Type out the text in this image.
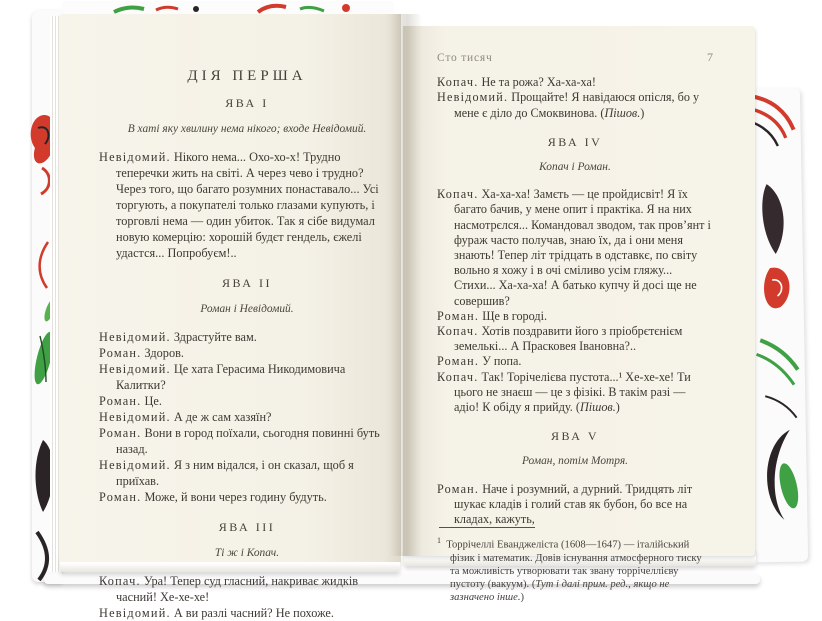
ДІЯ ПЕРША
ЯВА I
В хаті яку хвилину нема нікого; входе Невідомий.

Невідомий. Нікого нема... Охо-хо-х! Трудно теперечки жить на світі. А через чево і трудно? Через того, що багато розумних понаставало... Усі торгують, а покупателі только глазами купують, і торговлі нема — один убиток. Так я сібе видумал новую комерцію: хорошій будєт гендель, єжелі удастся... Попробуєм!..

ЯВА II
Роман і Невідомий.

Невідомий. Здрастуйте вам.

Роман. Здоров.

Невідомий. Це хата Герасима Никодимовича Калитки?

Роман. Це.

Невідомий. А де ж сам хазяїн?

Роман. Вони в город поїхали, сьогодня повинні буть назад.

Невідомий. Я з ним відался, і он сказал, щоб я приїхав.

Роман. Може, й вони через годину будуть.

ЯВА III
Ті ж і Копач.

Копач. Ура! Тепер суд гласний, накриває жидків часний! Хе-хе-хе!

Невідомий. А ви разлі часний? Не похоже.

Сто тисяч	7

Копач. Не та рожа? Ха-ха-ха!

Невідомий. Прощайте! Я навідаюся опісля, бо у мене є діло до Смоквинова. (Пішов.)

ЯВА IV
Копач і Роман.

Копач. Ха-ха-ха! Замєть — це пройдисвіт! Я їх багато бачив, у мене опит і практіка. Я на них насмотрєлся... Командовал зводом, так пров’янт і фураж часто получав, знаю їх, да і они меня знають! Тепер літ трідцать в одставкє, по світу вольно я хожу і в очі сміливо усім гляжу... Стихи... Ха-ха-ха! А батько купчу й досі ще не совершив?

Роман. Ще в городі.

Копач. Хотів поздравити його з пріобрєтєнієм земелькі... А Прасковея Івановна?..

Роман. У попа.

Копач. Так! Торічелієва пустота...¹ Хе-хе-хе! Ти цього не знаєш — це з фізікі. В такім разі — адіо! К обіду я прийду. (Пішов.)

ЯВА V
Роман, потім Мотря.

Роман. Наче і розумний, а дурний. Тридцять літ шукає кладів і голий став як бубон, бо все на кладах, кажуть,

$^1$ Торрічеллі Еванджеліста (1608—1647) — італійський фізик і математик. Довів існування атмосферного тиску та можливість утворювати так звану торрічеллієву пустоту (вакуум). (Тут і далі прим. ред., якщо не зазначено інше.)
